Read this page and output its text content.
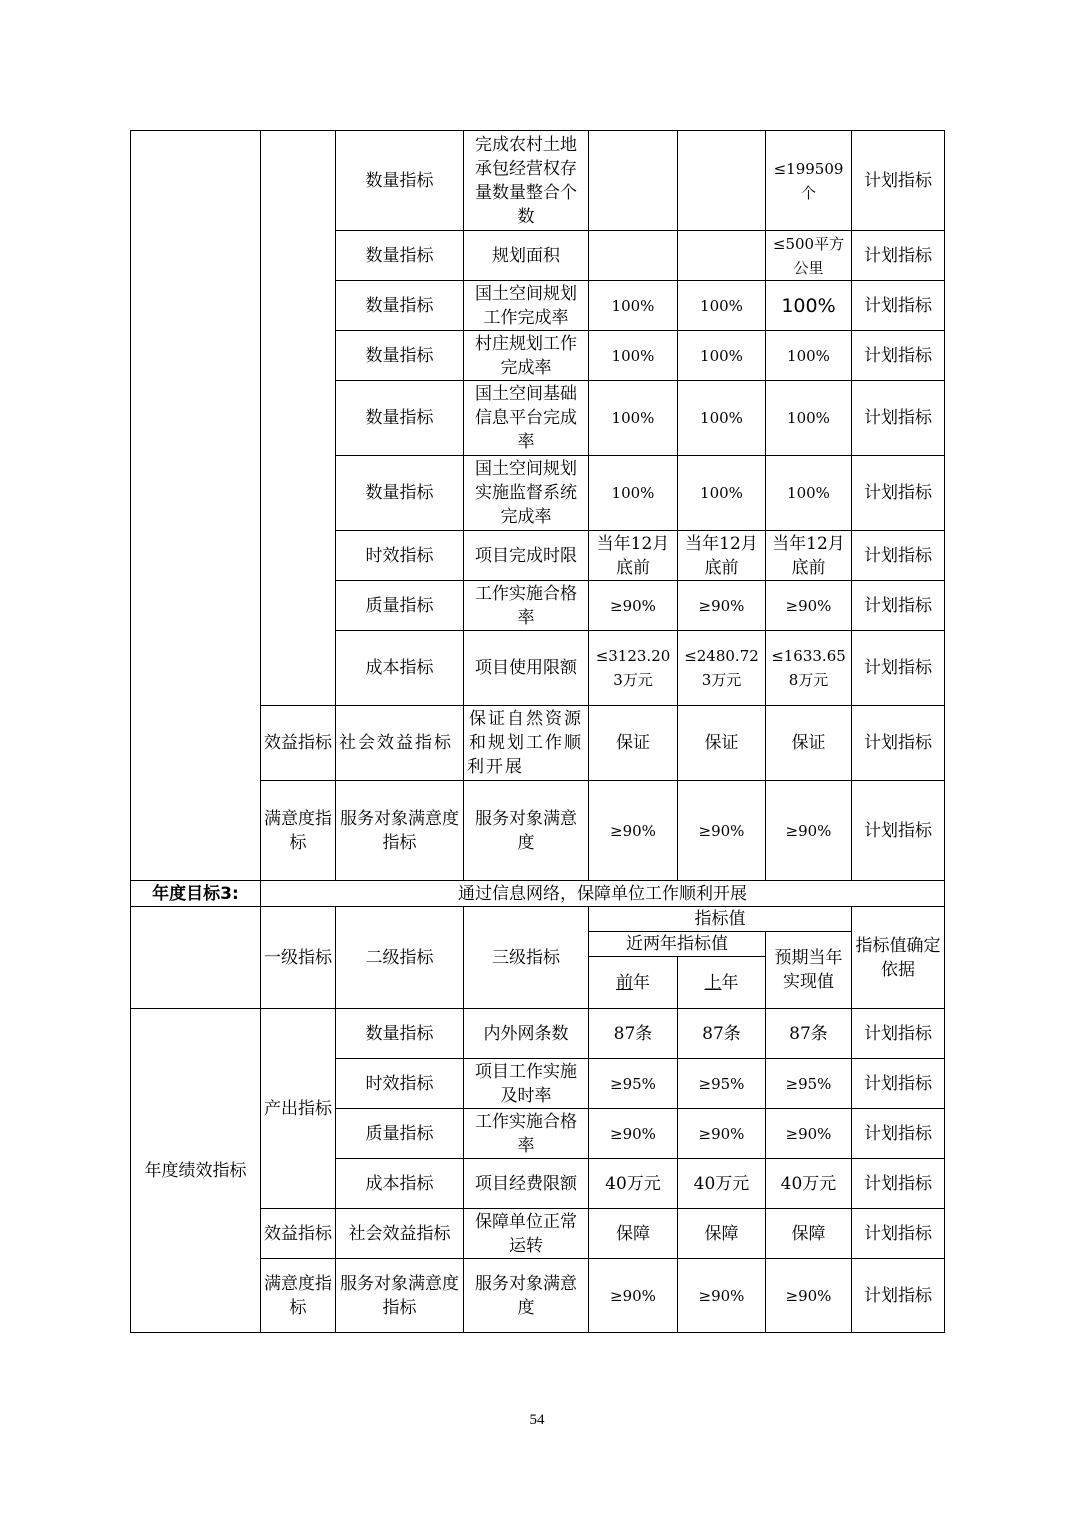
		数量指标	完成农村土地承包经营权存量数量整合个数			≤199509个	计划指标
		数量指标	规划面积			≤500平方公里	计划指标
		数量指标	国土空间规划工作完成率	100%	100%	100%	计划指标
		数量指标	村庄规划工作完成率	100%	100%	100%	计划指标
		数量指标	国土空间基础信息平台完成率	100%	100%	100%	计划指标
		数量指标	国土空间规划实施监督系统完成率	100%	100%	100%	计划指标
		时效指标	项目完成时限	当年12月底前	当年12月底前	当年12月底前	计划指标
		质量指标	工作实施合格率	≥90%	≥90%	≥90%	计划指标
		成本指标	项目使用限额	≤3123.203万元	≤2480.723万元	≤1633.658万元	计划指标
	效益指标	社会效益指标	保证自然资源和规划工作顺利开展	保证	保证	保证	计划指标
	满意度指标	服务对象满意度指标	服务对象满意度	≥90%	≥90%	≥90%	计划指标
年度目标3:	通过信息网络，保障单位工作顺利开展						
	一级指标	二级指标	三级指标	指标值			指标值确定依据
				近两年指标值		预期当年实现值	
				前年	上年		
年度绩效指标	产出指标	数量指标	内外网条数	87条	87条	87条	计划指标
		时效指标	项目工作实施及时率	≥95%	≥95%	≥95%	计划指标
		质量指标	工作实施合格率	≥90%	≥90%	≥90%	计划指标
		成本指标	项目经费限额	40万元	40万元	40万元	计划指标
	效益指标	社会效益指标	保障单位正常运转	保障	保障	保障	计划指标
	满意度指标	服务对象满意度指标	服务对象满意度	≥90%	≥90%	≥90%	计划指标
54
